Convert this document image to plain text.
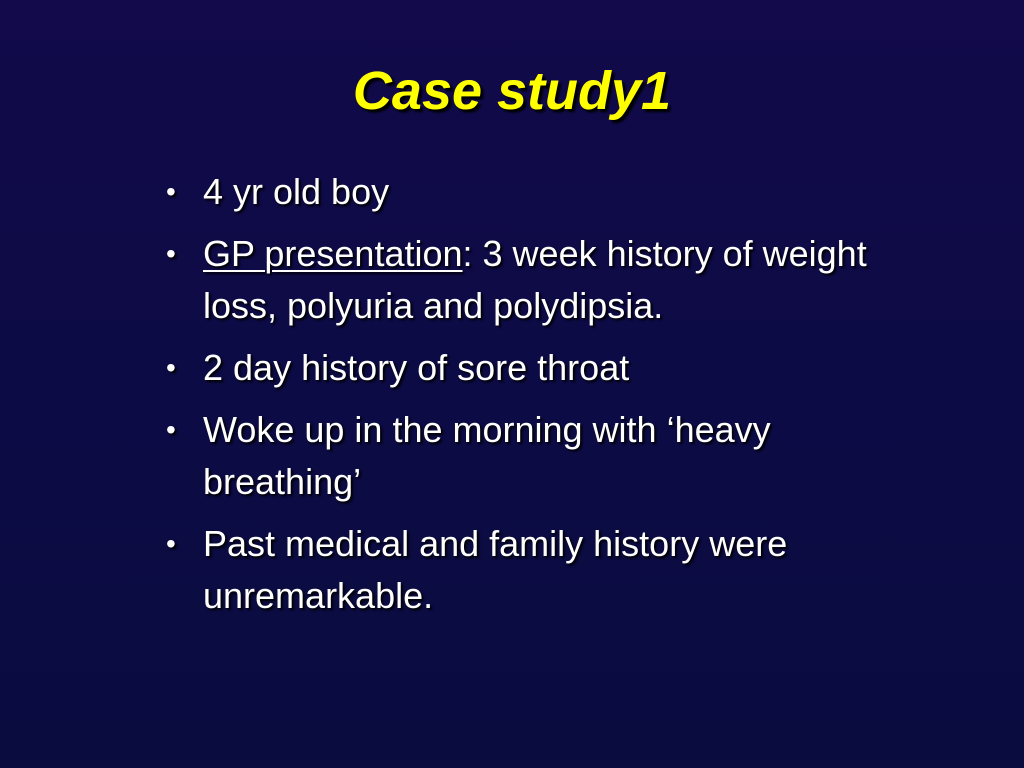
Case study1
• 4 yr old boy
• GP presentation: 3 week history of weight loss, polyuria and polydipsia.
• 2 day history of sore throat
• Woke up in the morning with ‘heavy breathing’
• Past medical and family history were unremarkable.
